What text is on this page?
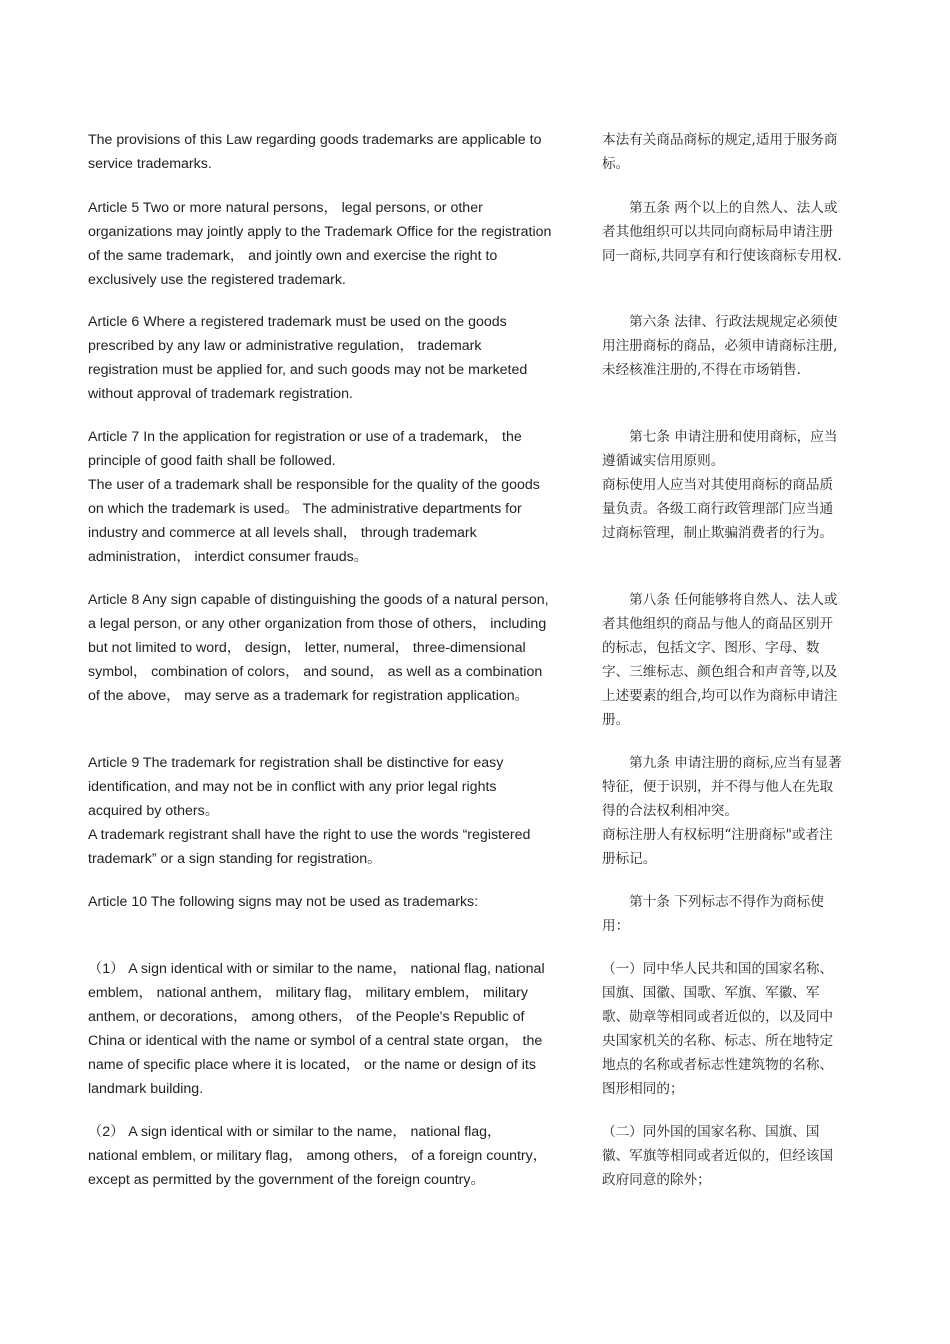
The provisions of this Law regarding goods trademarks are applicable to
service trademarks.
本法有关商品商标的规定,适用于服务商
标。
Article 5 Two or more natural persons， legal persons, or other
organizations may jointly apply to the Trademark Office for the registration
of the same trademark， and jointly own and exercise the right to
exclusively use the registered trademark.
　　第五条 两个以上的自然人、法人或
者其他组织可以共同向商标局申请注册
同一商标,共同享有和行使该商标专用权.
Article 6 Where a registered trademark must be used on the goods
prescribed by any law or administrative regulation， trademark
registration must be applied for, and such goods may not be marketed
without approval of trademark registration.
　　第六条 法律、行政法规规定必须使
用注册商标的商品，必须申请商标注册,
未经核准注册的,不得在市场销售.
Article 7 In the application for registration or use of a trademark， the
principle of good faith shall be followed.
The user of a trademark shall be responsible for the quality of the goods
on which the trademark is used。 The administrative departments for
industry and commerce at all levels shall， through trademark
administration， interdict consumer frauds。
　　第七条 申请注册和使用商标，应当
遵循诚实信用原则。
商标使用人应当对其使用商标的商品质
量负责。各级工商行政管理部门应当通
过商标管理，制止欺骗消费者的行为。
Article 8 Any sign capable of distinguishing the goods of a natural person,
a legal person, or any other organization from those of others， including
but not limited to word， design， letter, numeral， three-dimensional
symbol， combination of colors， and sound， as well as a combination
of the above， may serve as a trademark for registration application。
　　第八条 任何能够将自然人、法人或
者其他组织的商品与他人的商品区别开
的标志，包括文字、图形、字母、数
字、三维标志、颜色组合和声音等,以及
上述要素的组合,均可以作为商标申请注
册。
Article 9 The trademark for registration shall be distinctive for easy
identification, and may not be in conflict with any prior legal rights
acquired by others。
A trademark registrant shall have the right to use the words “registered
trademark” or a sign standing for registration。
　　第九条 申请注册的商标,应当有显著
特征，便于识别，并不得与他人在先取
得的合法权利相冲突。
商标注册人有权标明“注册商标"或者注
册标记。
Article 10 The following signs may not be used as trademarks:	　　第十条 下列标志不得作为商标使
用：
（1） A sign identical with or similar to the name， national flag, national
emblem， national anthem， military flag， military emblem， military
anthem, or decorations， among others， of the People's Republic of
China or identical with the name or symbol of a central state organ， the
name of specific place where it is located， or the name or design of its
landmark building.
（一）同中华人民共和国的国家名称、
国旗、国徽、国歌、军旗、军徽、军
歌、勋章等相同或者近似的，以及同中
央国家机关的名称、标志、所在地特定
地点的名称或者标志性建筑物的名称、
图形相同的；
（2） A sign identical with or similar to the name， national flag，
national emblem, or military flag， among others， of a foreign country，
except as permitted by the government of the foreign country。
（二）同外国的国家名称、国旗、国
徽、军旗等相同或者近似的，但经该国
政府同意的除外；
